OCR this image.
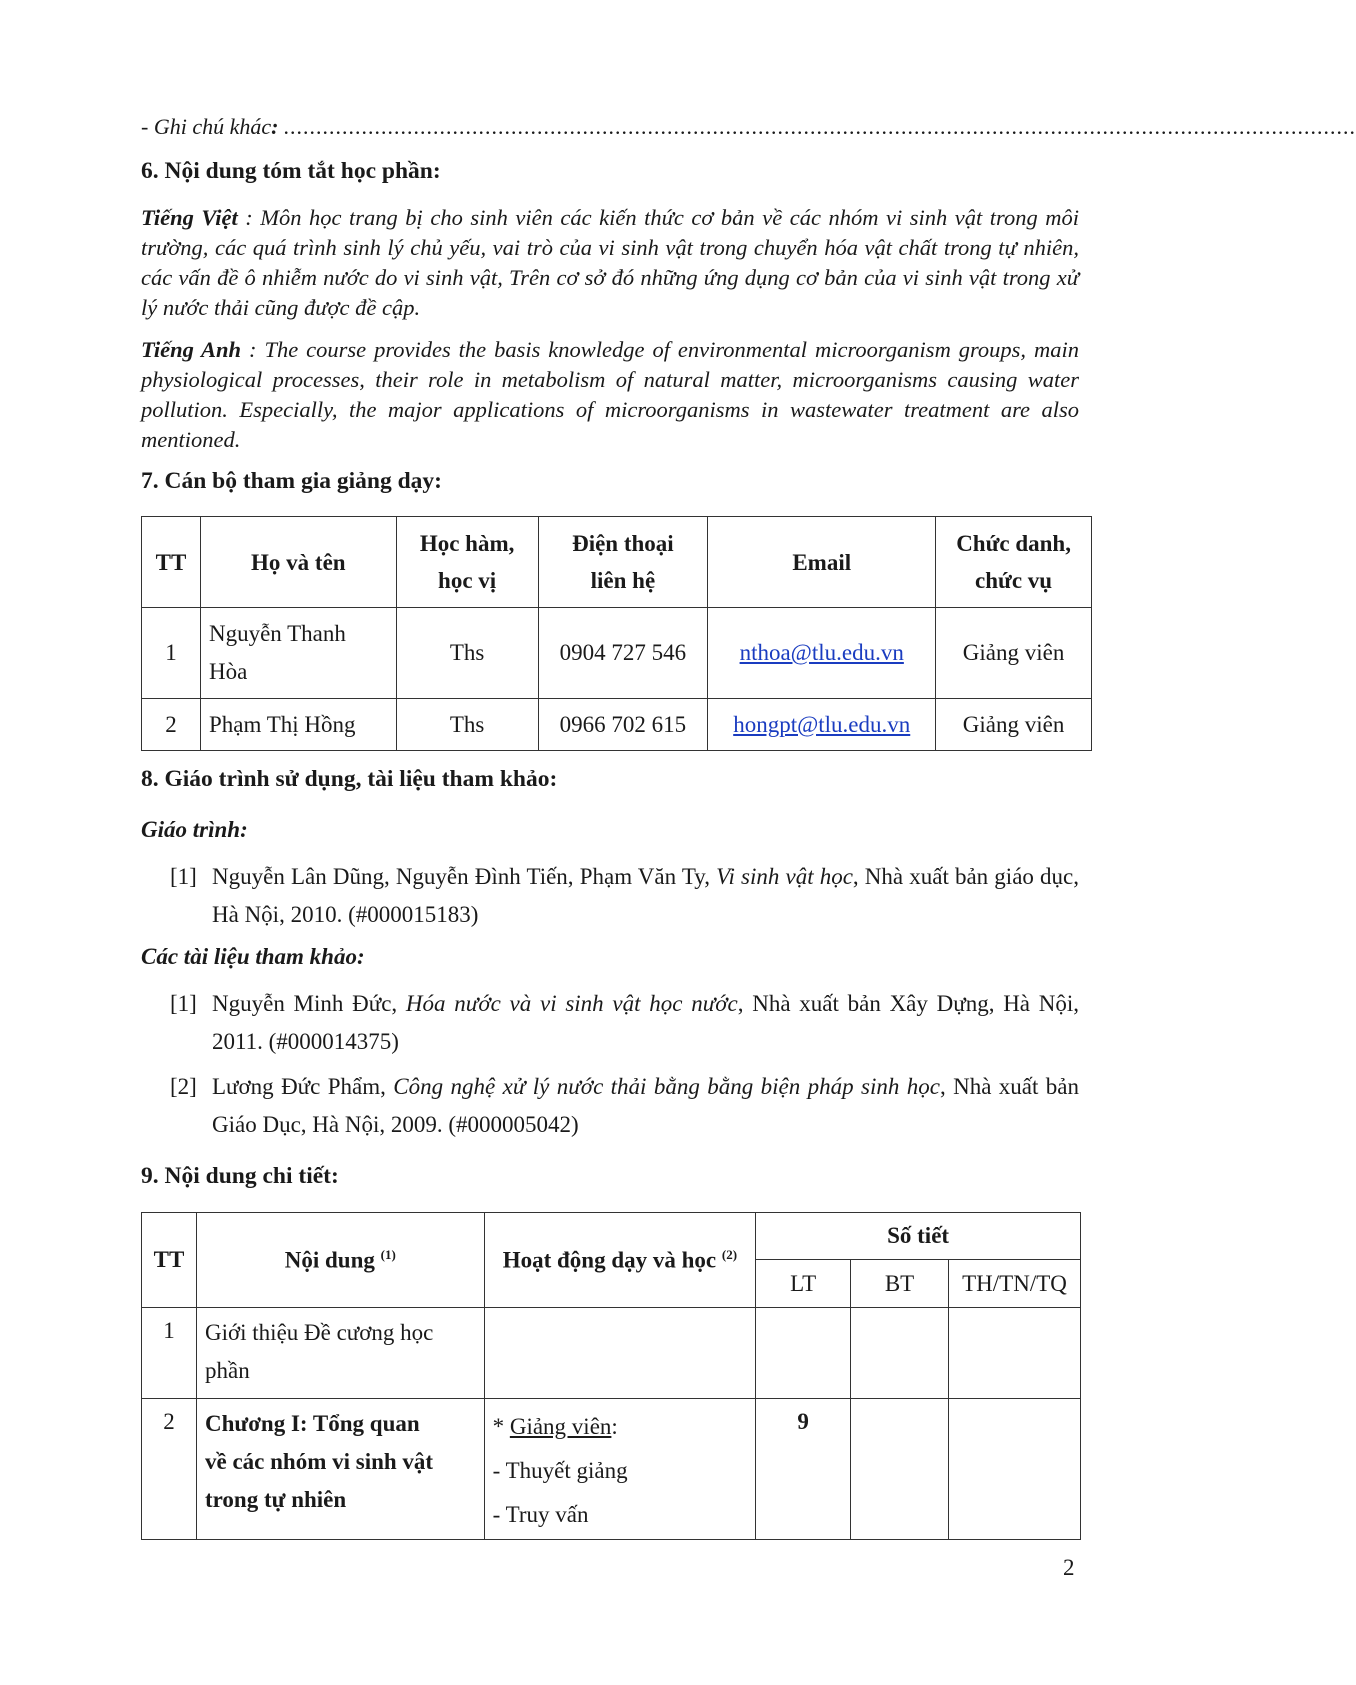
- Ghi chú khác: .....................................................................................................................................................................

6. Nội dung tóm tắt học phần:

Tiếng Việt : Môn học trang bị cho sinh viên các kiến thức cơ bản về các nhóm vi sinh vật trong môi trường, các quá trình sinh lý chủ yếu, vai trò của vi sinh vật trong chuyển hóa vật chất trong tự nhiên, các vấn đề ô nhiễm nước do vi sinh vật, Trên cơ sở đó những ứng dụng cơ bản của vi sinh vật trong xử lý nước thải cũng được đề cập.

Tiếng Anh : The course provides the basis knowledge of environmental microorganism groups, main physiological processes, their role in metabolism of natural matter, microorganisms causing water pollution. Especially, the major applications of microorganisms in wastewater treatment are also mentioned.

7. Cán bộ tham gia giảng dạy:

TT	Họ và tên	Học hàm,
học vị	Điện thoại
liên hệ	Email	Chức danh,
chức vụ
1	Nguyễn Thanh
Hòa	Ths	0904 727 546	nthoa@tlu.edu.vn	Giảng viên
2	Phạm Thị Hồng	Ths	0966 702 615	hongpt@tlu.edu.vn	Giảng viên

8. Giáo trình sử dụng, tài liệu tham khảo:

Giáo trình:

[1] Nguyễn Lân Dũng, Nguyễn Đình Tiến, Phạm Văn Ty, Vi sinh vật học, Nhà xuất bản giáo dục, Hà Nội, 2010. (#000015183)

Các tài liệu tham khảo:

[1] Nguyễn Minh Đức, Hóa nước và vi sinh vật học nước, Nhà xuất bản Xây Dựng, Hà Nội, 2011. (#000014375)

[2] Lương Đức Phẩm, Công nghệ xử lý nước thải bằng bằng biện pháp sinh học, Nhà xuất bản Giáo Dục, Hà Nội, 2009. (#000005042)

9. Nội dung chi tiết:

TT	Nội dung $^{(1)}$	Hoạt động dạy và học $^{(2)}$	Số tiết		
			LT	BT	TH/TN/TQ
1	Giới thiệu Đề cương học
phần				
2	Chương I: Tổng quan
về các nhóm vi sinh vật
trong tự nhiên	* Giảng viên:
- Thuyết giảng
- Truy vấn	9		

2
